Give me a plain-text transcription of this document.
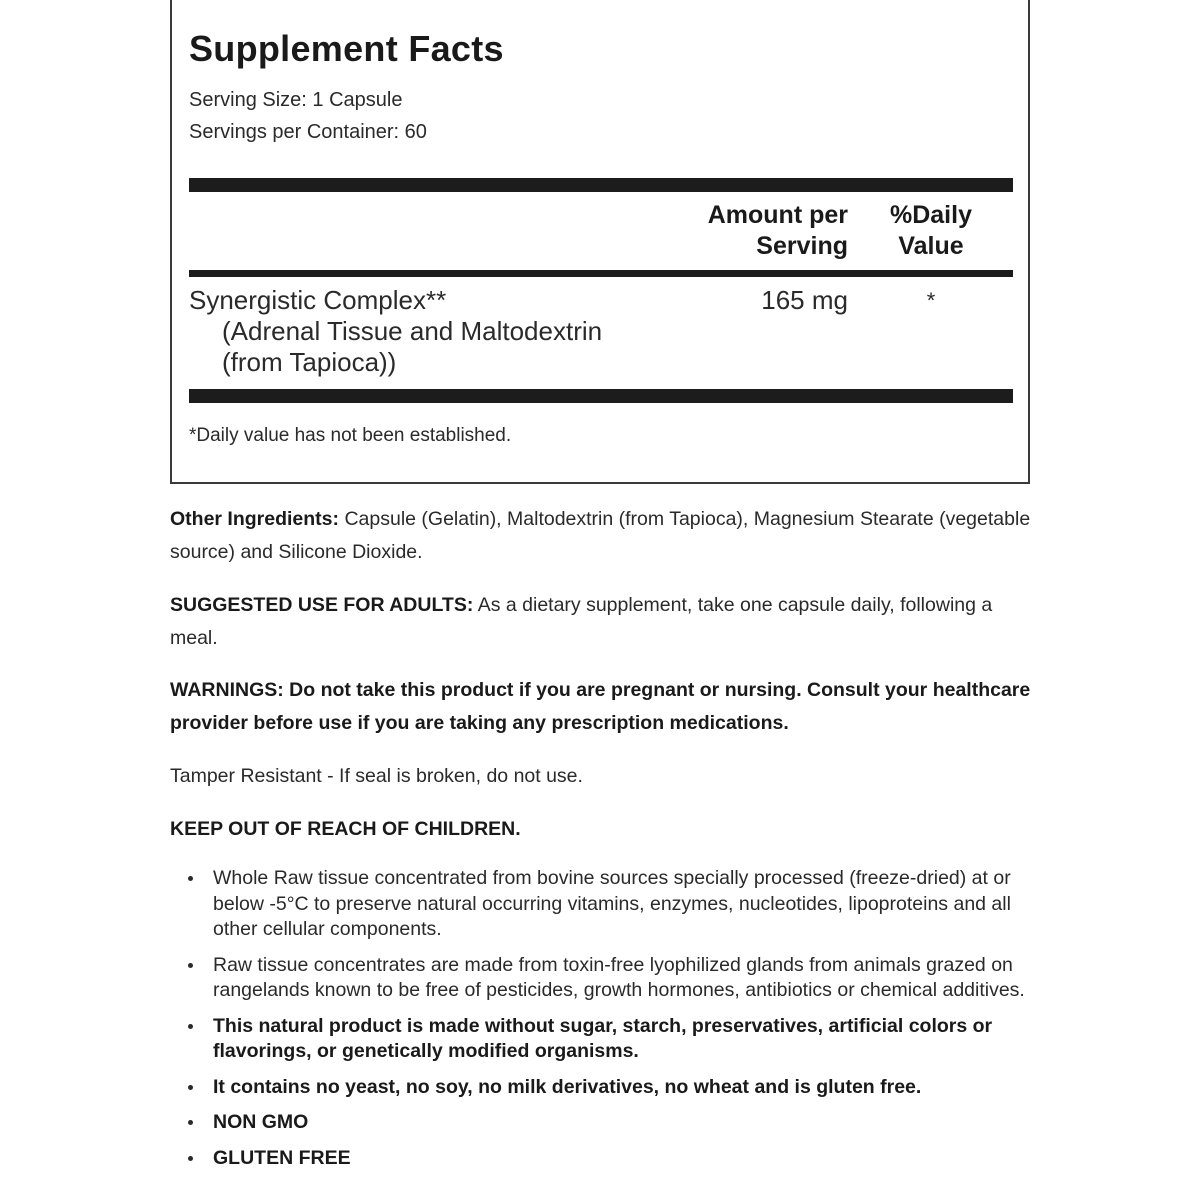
Supplement Facts
Serving Size: 1 Capsule
Servings per Container: 60
Amount per
Serving
%Daily
Value
Synergistic Complex**
(Adrenal Tissue and Maltodextrin
(from Tapioca))
165 mg	*
*Daily value has not been established.
Other Ingredients: Capsule (Gelatin), Maltodextrin (from Tapioca), Magnesium Stearate (vegetable source) and Silicone Dioxide.
SUGGESTED USE FOR ADULTS: As a dietary supplement, take one capsule daily, following a meal.
WARNINGS: Do not take this product if you are pregnant or nursing. Consult your healthcare provider before use if you are taking any prescription medications.
Tamper Resistant - If seal is broken, do not use.
KEEP OUT OF REACH OF CHILDREN.
Whole Raw tissue concentrated from bovine sources specially processed (freeze-dried) at or below -5°C to preserve natural occurring vitamins, enzymes, nucleotides, lipoproteins and all other cellular components.
Raw tissue concentrates are made from toxin-free lyophilized glands from animals grazed on rangelands known to be free of pesticides, growth hormones, antibiotics or chemical additives.
This natural product is made without sugar, starch, preservatives, artificial colors or flavorings, or genetically modified organisms.
It contains no yeast, no soy, no milk derivatives, no wheat and is gluten free.
NON GMO
GLUTEN FREE
